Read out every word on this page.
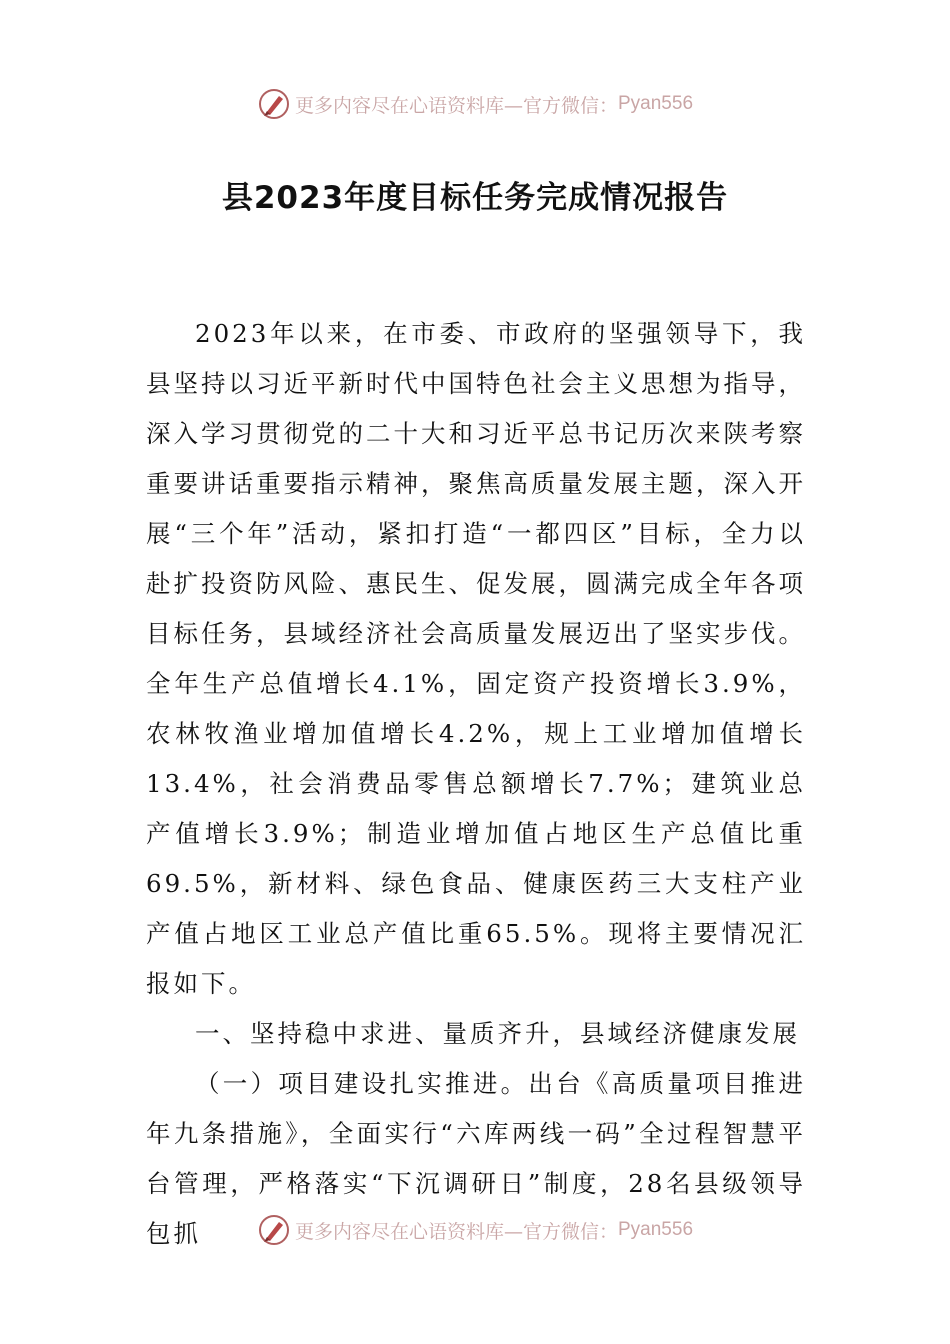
更多内容尽在心语资料库—官方微信： Pyan556
县2023年度目标任务完成情况报告

2023年以来，在市委、市政府的坚强领导下，我县坚持以习近平新时代中国特色社会主义思想为指导，深入学习贯彻党的二十大和习近平总书记历次来陕考察重要讲话重要指示精神，聚焦高质量发展主题，深入开展“三个年”活动，紧扣打造“一都四区”目标，全力以赴扩投资防风险、惠民生、促发展，圆满完成全年各项目标任务，县域经济社会高质量发展迈出了坚实步伐。全年生产总值增长4.1%，固定资产投资增长3.9%，农林牧渔业增加值增长4.2%，规上工业增加值增长13.4%，社会消费品零售总额增长7.7%；建筑业总产值增长3.9%；制造业增加值占地区生产总值比重69.5%，新材料、绿色食品、健康医药三大支柱产业产值占地区工业总产值比重65.5%。现将主要情况汇报如下。

一、坚持稳中求进、量质齐升，县域经济健康发展

（一）项目建设扎实推进。出台《高质量项目推进年九条措施》，全面实行“六库两线一码”全过程智慧平台管理，严格落实“下沉调研日”制度，28名县级领导包抓	更多内容尽在心语资料库—官方微信： Pyan556
